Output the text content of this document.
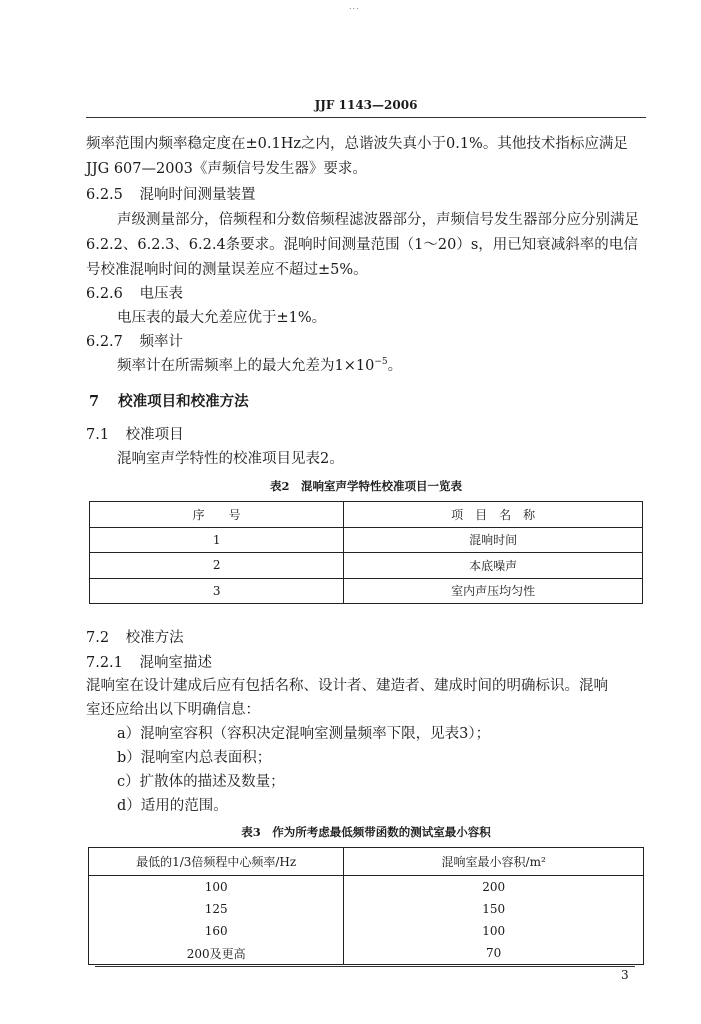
...
JJF 1143—2006
频率范围内频率稳定度在±0.1Hz之内，总谐波失真小于0.1%。其他技术指标应满足
JJG 607—2003《声频信号发生器》要求。
6.2.5 混响时间测量装置
声级测量部分，倍频程和分数倍频程滤波器部分，声频信号发生器部分应分别满足
6.2.2、6.2.3、6.2.4条要求。混响时间测量范围（1～20）s，用已知衰减斜率的电信
号校准混响时间的测量误差应不超过±5%。
6.2.6 电压表
电压表的最大允差应优于±1%。
6.2.7 频率计
频率计在所需频率上的最大允差为$1\times 10^{-5}$。
7 校准项目和校准方法
7.1 校准项目
混响室声学特性的校准项目见表2。
表2　混响室声学特性校准项目一览表
序　　号	项　目　名　称
1	混响时间
2	本底噪声
3	室内声压均匀性
7.2 校准方法
7.2.1 混响室描述
混响室在设计建成后应有包括名称、设计者、建造者、建成时间的明确标识。混响
室还应给出以下明确信息：
a）混响室容积（容积决定混响室测量频率下限，见表3）；
b）混响室内总表面积；
c）扩散体的描述及数量；
d）适用的范围。
表3　作为所考虑最低频带函数的测试室最小容积
最低的1/3倍频程中心频率/Hz	混响室最小容积/m²
100	200
125	150
160	100
200及更高	70
3
